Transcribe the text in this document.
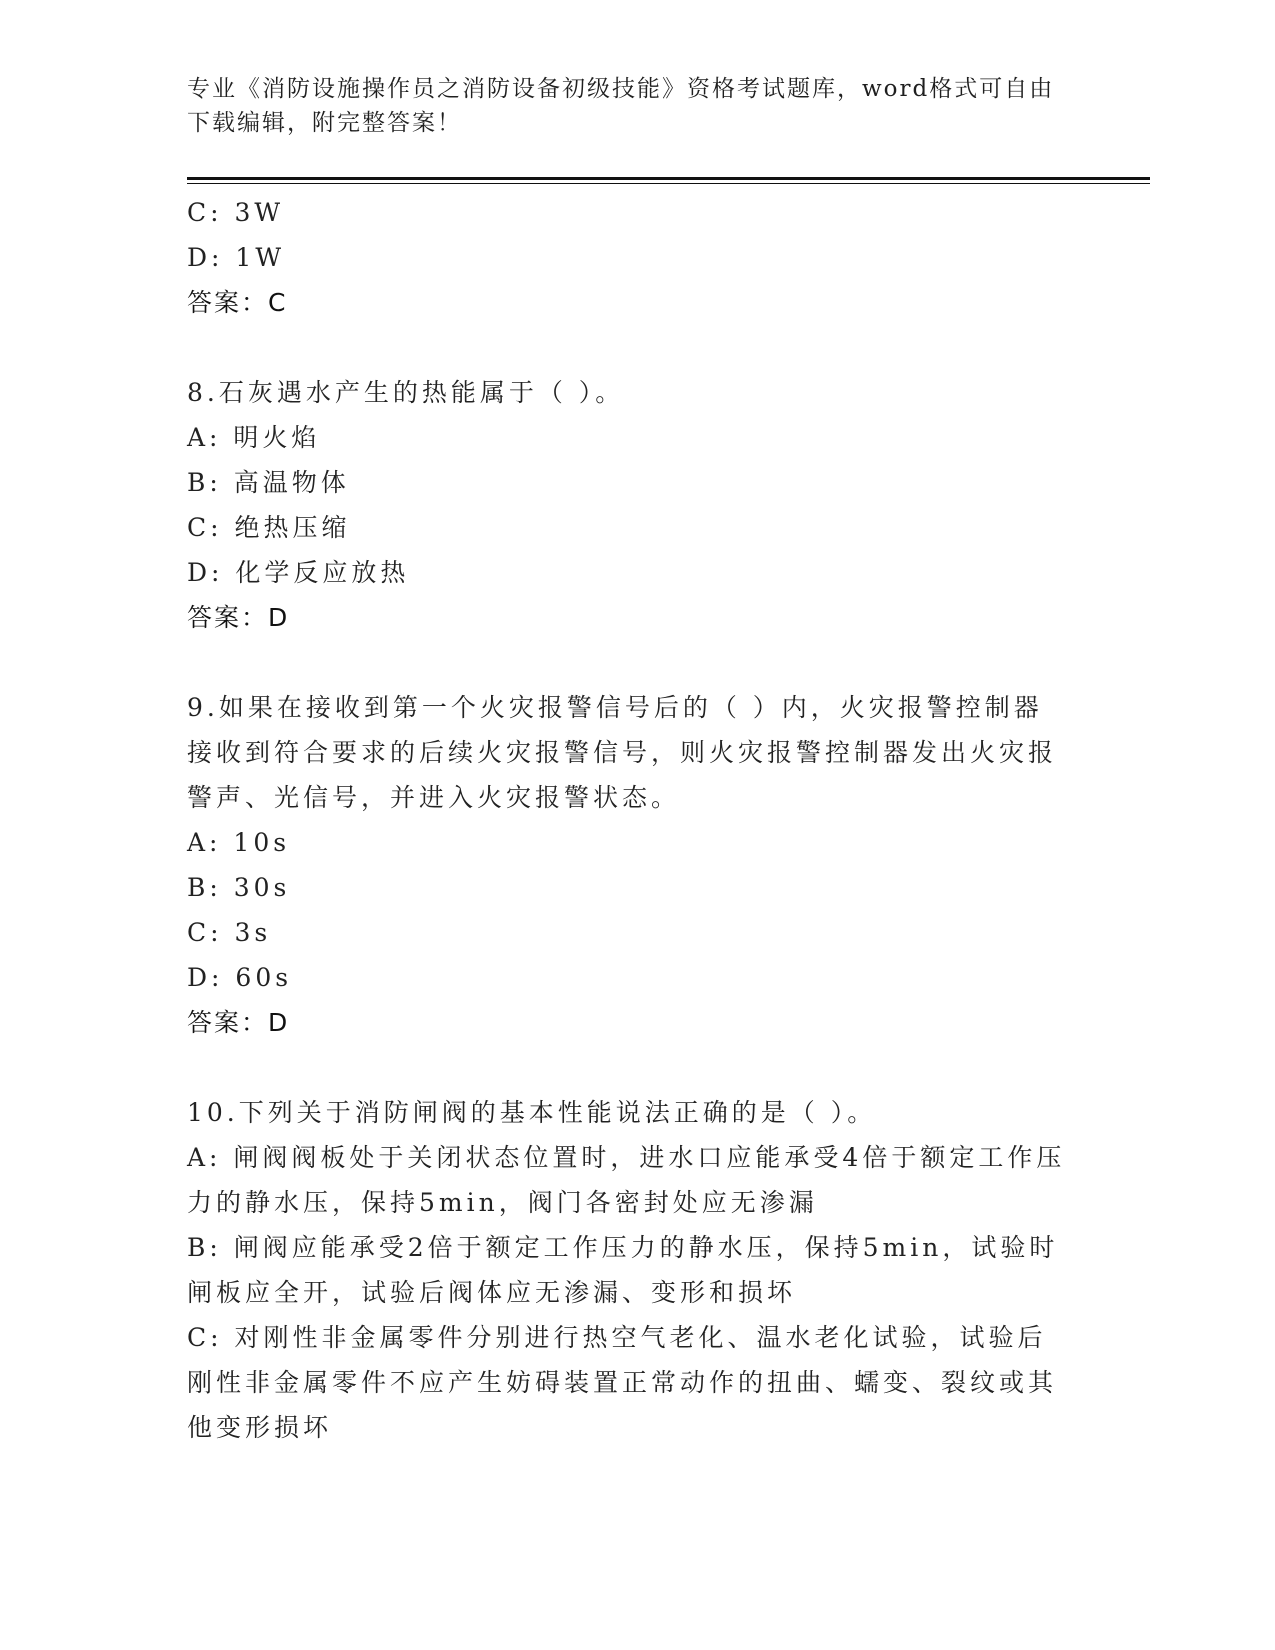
专业《消防设施操作员之消防设备初级技能》资格考试题库，word格式可自由下载编辑，附完整答案！
C: 3W
D: 1W
答案：C
8.石灰遇水产生的热能属于（ ）。
A: 明火焰
B: 高温物体
C: 绝热压缩
D: 化学反应放热
答案：D
9.如果在接收到第一个火灾报警信号后的（ ）内，火灾报警控制器接收到符合要求的后续火灾报警信号，则火灾报警控制器发出火灾报警声、光信号，并进入火灾报警状态。
A: 10s
B: 30s
C: 3s
D: 60s
答案：D
10.下列关于消防闸阀的基本性能说法正确的是（ ）。
A: 闸阀阀板处于关闭状态位置时，进水口应能承受4倍于额定工作压力的静水压，保持5min，阀门各密封处应无渗漏
B: 闸阀应能承受2倍于额定工作压力的静水压，保持5min，试验时闸板应全开，试验后阀体应无渗漏、变形和损坏
C: 对刚性非金属零件分别进行热空气老化、温水老化试验，试验后刚性非金属零件不应产生妨碍装置正常动作的扭曲、蠕变、裂纹或其他变形损坏
